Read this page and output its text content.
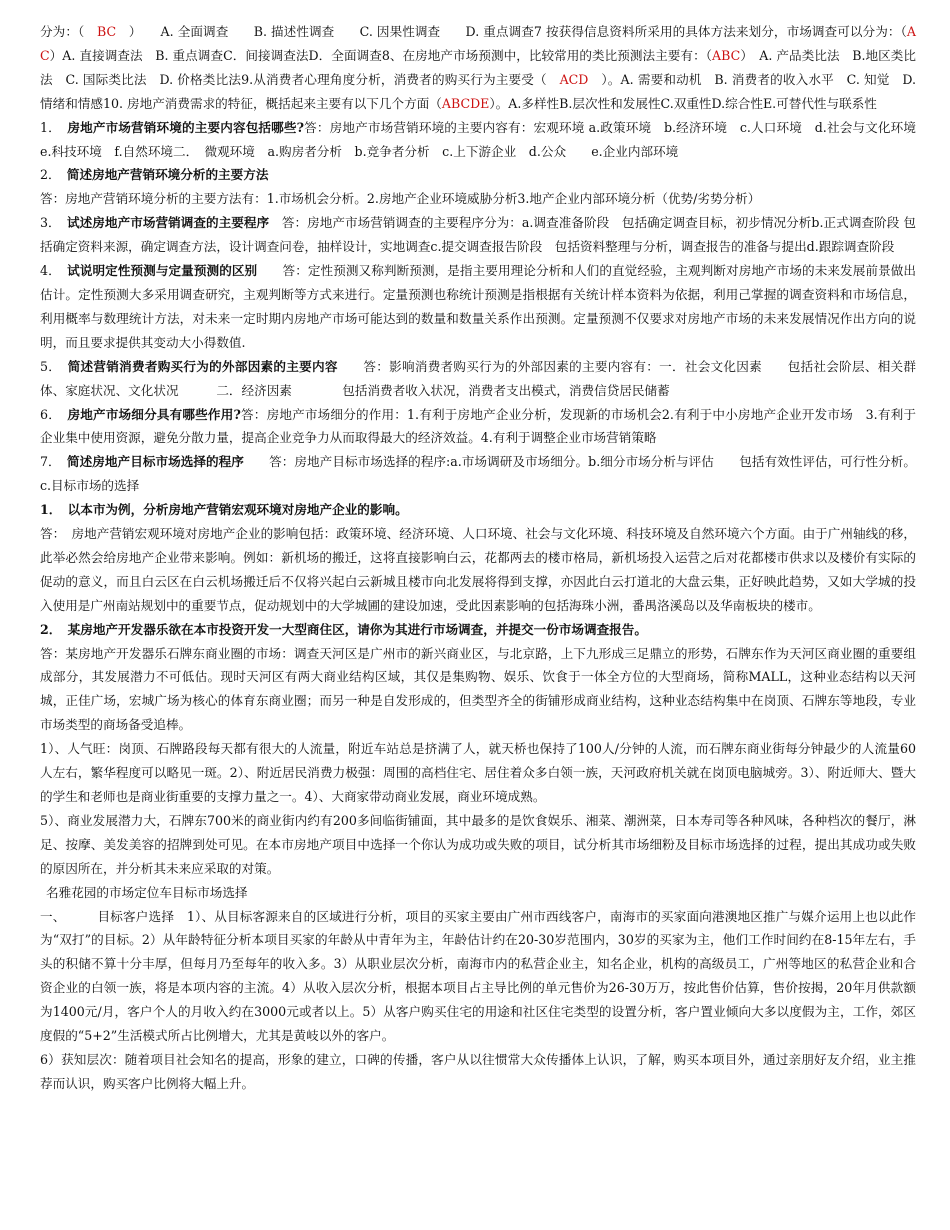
分为：（　BC　）　　A. 全面调查　　B. 描述性调查　　C. 因果性调查　　D. 重点调查7 按获得信息资料所采用的具体方法来划分，市场调查可以分为：（AC）A. 直接调查法　B. 重点调查C．间接调查法D．全面调查8、在房地产市场预测中，比较常用的类比预测法主要有：（ABC）　A. 产品类比法　B.地区类比法　C. 国际类比法　D. 价格类比法9.从消费者心理角度分析，消费者的购买行为主要受（　ACD　）。A. 需要和动机　B. 消费者的收入水平　C. 知觉　D. 情绪和情感10. 房地产消费需求的特征，概括起来主要有以下几个方面（ABCDE）。A.多样性B.层次性和发展性C.双重性D.综合性E.可替代性与联系性

1．　房地产市场营销环境的主要内容包括哪些?答：房地产市场营销环境的主要内容有：宏观环境 a.政策环境　b.经济环境　c.人口环境　d.社会与文化环境　e.科技环境　f.自然环境二．　微观环境　a.购房者分析　b.竞争者分析　c.上下游企业　d.公众　　e.企业内部环境

2．　简述房地产营销环境分析的主要方法

答：房地产营销环境分析的主要方法有：1.市场机会分析。2.房地产企业环境威胁分析3.地产企业内部环境分析（优势/劣势分析）

3．　试述房地产市场营销调查的主要程序　答：房地产市场营销调查的主要程序分为：a.调查准备阶段　包括确定调查目标，初步情况分析b.正式调查阶段 包括确定资料来源，确定调查方法，设计调查问卷，抽样设计，实地调查c.提交调查报告阶段　包括资料整理与分析，调查报告的准备与提出d.跟踪调查阶段

4．　试说明定性预测与定量预测的区别　　答：定性预测又称判断预测，是指主要用理论分析和人们的直觉经验，主观判断对房地产市场的未来发展前景做出估计。定性预测大多采用调查研究，主观判断等方式来进行。定量预测也称统计预测是指根据有关统计样本资料为依据，利用己掌握的调查资料和市场信息，利用概率与数理统计方法，对未来一定时期内房地产市场可能达到的数量和数量关系作出预测。定量预测不仅要求对房地产市场的未来发展情况作出方向的说明，而且要求提供其变动大小得数值.

5．　简述营销消费者购买行为的外部因素的主要内容　　答：影响消费者购买行为的外部因素的主要内容有：一．社会文化因素　　包括社会阶层、相关群体、家庭状况、文化状况　　　二．经济因素　　　　包括消费者收入状况，消费者支出模式，消费信贷居民储蓄

6．　房地产市场细分具有哪些作用?答：房地产市场细分的作用：1.有利于房地产企业分析，发现新的市场机会2.有利于中小房地产企业开发市场　3.有利于企业集中使用资源，避免分散力量，提高企业竞争力从而取得最大的经济效益。4.有利于调整企业市场营销策略

7．　简述房地产目标市场选择的程序　　答：房地产目标市场选择的程序:a.市场调研及市场细分。b.细分市场分析与评估　　包括有效性评估，可行性分析。c.目标市场的选择

1．　以本市为例，分析房地产营销宏观环境对房地产企业的影响。

答：　房地产营销宏观环境对房地产企业的影响包括：政策环境、经济环境、人口环境、社会与文化环境、科技环境及自然环境六个方面。由于广州轴线的移，此举必然会给房地产企业带来影响。例如：新机场的搬迁，这将直接影响白云，花都两去的楼市格局，新机场投入运营之后对花都楼市供求以及楼价有实际的促动的意义，而且白云区在白云机场搬迁后不仅将兴起白云新城且楼市向北发展将得到支撑，亦因此白云打道北的大盘云集，正好映此趋势，又如大学城的投入使用是广州南站规划中的重要节点，促动规划中的大学城圃的建设加速，受此因素影响的包括海珠小洲，番禺洛溪岛以及华南板块的楼市。

2．　某房地产开发器乐欲在本市投资开发一大型商住区，请你为其进行市场调查，并提交一份市场调查报告。

答：某房地产开发器乐石牌东商业圈的市场：调查天河区是广州市的新兴商业区，与北京路，上下九形成三足鼎立的形势，石牌东作为天河区商业圈的重要组成部分，其发展潜力不可低估。现时天河区有两大商业结构区域，其仅是集购物、娱乐、饮食于一体全方位的大型商场，简称MALL，这种业态结构以天河城，正佳广场，宏城广场为核心的体育东商业圈；而另一种是自发形成的，但类型齐全的街铺形成商业结构，这种业态结构集中在岗顶、石牌东等地段，专业市场类型的商场备受追棒。

1）、人气旺：岗顶、石牌路段每天都有很大的人流量，附近车站总是挤满了人，就天桥也保持了100人/分钟的人流，而石牌东商业街每分钟最少的人流量60人左右，繁华程度可以略见一斑。2）、附近居民消费力极强：周围的高档住宅、居住着众多白领一族，天河政府机关就在岗顶电脑城旁。3）、附近师大、暨大的学生和老师也是商业街重要的支撑力量之一。4）、大商家带动商业发展，商业环境成熟。

5）、商业发展潜力大，石牌东700米的商业街内约有200多间临街铺面，其中最多的是饮食娱乐、湘菜、潮洲菜，日本寿司等各种风味，各种档次的餐厅，淋足、按摩、美发美容的招牌到处可见。在本市房地产项目中选择一个你认为成功或失败的项目，试分析其市场细粉及目标市场选择的过程，提出其成功或失败的原因所在，并分析其未来应采取的对策。

名雅花园的市场定位车目标市场选择

一、　　　目标客户选择　1）、从目标客源来自的区域进行分析，项目的买家主要由广州市西线客户，南海市的买家面向港澳地区推广与媒介运用上也以此作为“双打”的目标。2）从年龄特征分析本项目买家的年龄从中青年为主，年龄估计约在20-30岁范围内，30岁的买家为主，他们工作时间约在8-15年左右，手头的积储不算十分丰厚，但每月乃至每年的收入多。3）从职业层次分析，南海市内的私营企业主，知名企业，机构的高级员工，广州等地区的私营企业和合资企业的白领一族，将是本项内容的主流。4）从收入层次分析，根据本项目占主导比例的单元售价为26-30万万，按此售价估算，售价按揭，20年月供款额为1400元/月，客户个人的月收入约在3000元或者以上。5）从客户购买住宅的用途和社区住宅类型的设置分析，客户置业倾向大多以度假为主，工作，郊区度假的“5+2”生活模式所占比例增大，尤其是黄岐以外的客户。

6）获知层次：随着项目社会知名的提高，形象的建立，口碑的传播，客户从以往惯常大众传播体上认识，了解，购买本项目外，通过亲朋好友介绍，业主推荐而认识，购买客户比例将大幅上升。
